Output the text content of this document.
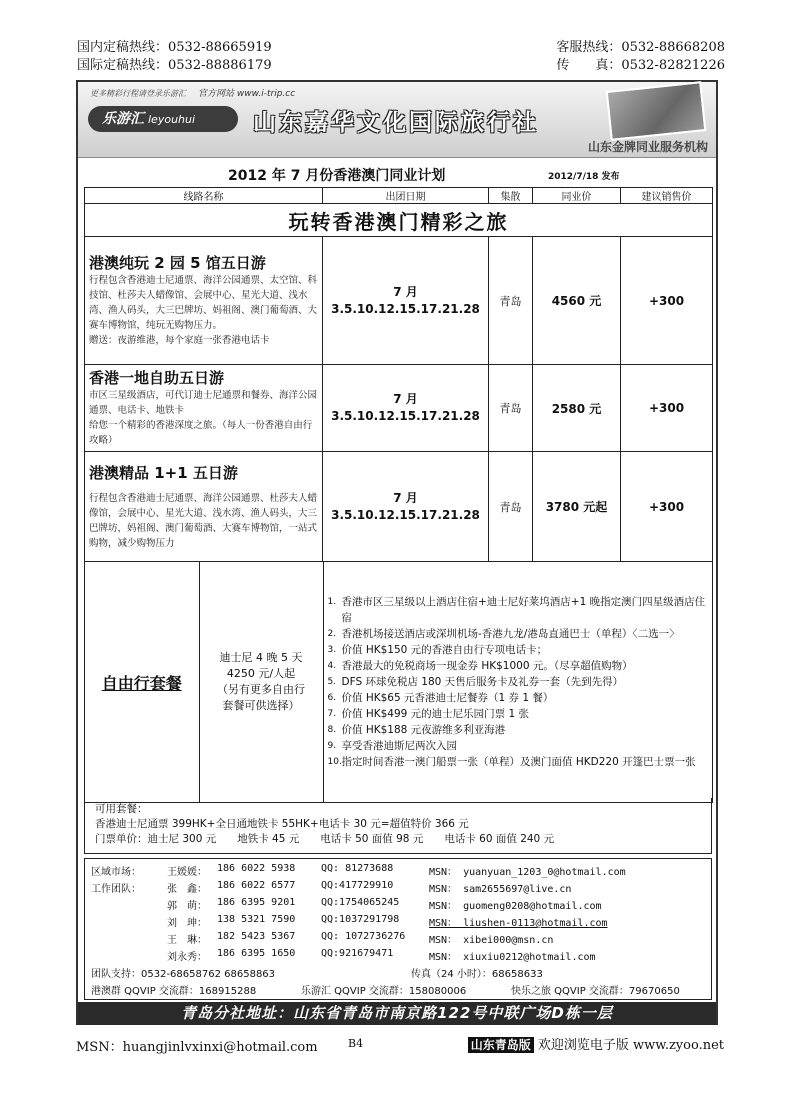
国内定稿热线：0532-88665919
国际定稿热线：0532-88886179
客服热线：0532-88668208
传　　真：0532-82821226
更多精彩行程请登录乐游汇 官方网站 www.i-trip.cc
乐游汇 leyouhui	山东嘉华文化国际旅行社
山东金牌同业服务机构
2012 年 7 月份香港澳门同业计划	2012/7/18 发布
线路名称	出团日期	集散	同业价	建议销售价
玩转香港澳门精彩之旅

港澳纯玩 2 园 5 馆五日游
行程包含香港迪士尼通票、海洋公园通票、太空馆、科技馆、杜莎夫人蜡像馆、会展中心、星光大道、浅水湾、渔人码头，大三巴牌坊、妈祖阁、澳门葡萄酒、大赛车博物馆，纯玩无购物压力。
赠送：夜游维港，每个家庭一张香港电话卡

7 月
3.5.10.12.15.17.21.28
	青岛	4560 元	+300

香港一地自助五日游
市区三星级酒店，可代订迪士尼通票和餐券、海洋公园通票、电话卡、地铁卡
给您一个精彩的香港深度之旅。（每人一份香港自由行攻略）

7 月
3.5.10.12.15.17.21.28
	青岛	2580 元	+300

港澳精品 1+1 五日游
行程包含香港迪士尼通票、海洋公园通票、杜莎夫人蜡像馆，会展中心、星光大道、浅水湾、渔人码头，大三巴牌坊，妈祖阁、澳门葡萄酒、大赛车博物馆，一站式购物，减少购物压力

7 月
3.5.10.12.15.17.21.28
	青岛	3780 元起	+300

自由行套餐	
迪士尼 4 晚 5 天
4250 元/人起
（另有更多自由行
套餐可供选择）

1. 香港市区三星级以上酒店住宿+迪士尼好莱坞酒店+1 晚指定澳门四星级酒店住宿
2. 香港机场接送酒店或深圳机场-香港九龙/港岛直通巴士（单程）〈二选一〉
3. 价值 HK$150 元的香港自由行专项电话卡；
4. 香港最大的免税商场一现金券 HK$1000 元。（尽享超值购物）
5. DFS 环球免税店 180 天售后服务卡及礼券一套（先到先得）
6. 价值 HK$65 元香港迪士尼餐券（1 券 1 餐）
7. 价值 HK$499 元的迪士尼乐园门票 1 张
8. 价值 HK$188 元夜游维多利亚海港
9. 享受香港迪斯尼两次入园
10. 指定时间香港一澳门船票一张（单程）及澳门面值 HKD220 开篷巴士票一张
可用套餐：
香港迪士尼通票 399HK+全日通地铁卡 55HK+电话卡 30 元=超值特价 366 元
门票单价：迪士尼 300 元　　地铁卡 45 元　　电话卡 50 面值 98 元　　电话卡 60 面值 240 元
区域市场：	王媛媛：	186 6022 5938	QQ: 81273688	MSN： yuanyuan_1203_0@hotmail.com
工作团队：	张　鑫：	186 6022 6577	QQ:417729910	MSN： sam2655697@live.cn
郭　萌：	186 6395 9201	QQ:1754065245	MSN： guomeng0208@hotmail.com
刘　珅：	138 5321 7590	QQ:1037291798	MSN： liushen-0113@hotmail.com
王　琳：	182 5423 5367	QQ: 1072736276 MSN： xibei000@msn.cn
刘永秀：	186 6395 1650	QQ:921679471	MSN： xiuxiu0212@hotmail.com
团队支持：0532-68658762 68658863	传真（24 小时）：68658633
港澳群 QQVIP 交流群：168915288	乐游汇 QQVIP 交流群：158080006	快乐之旅 QQVIP 交流群：79670650
青岛分社地址：山东省青岛市南京路122号中联广场D栋一层
MSN：huangjinlvxinxi@hotmail.com	B4	山东青岛版 欢迎浏览电子版 www.zyoo.net
